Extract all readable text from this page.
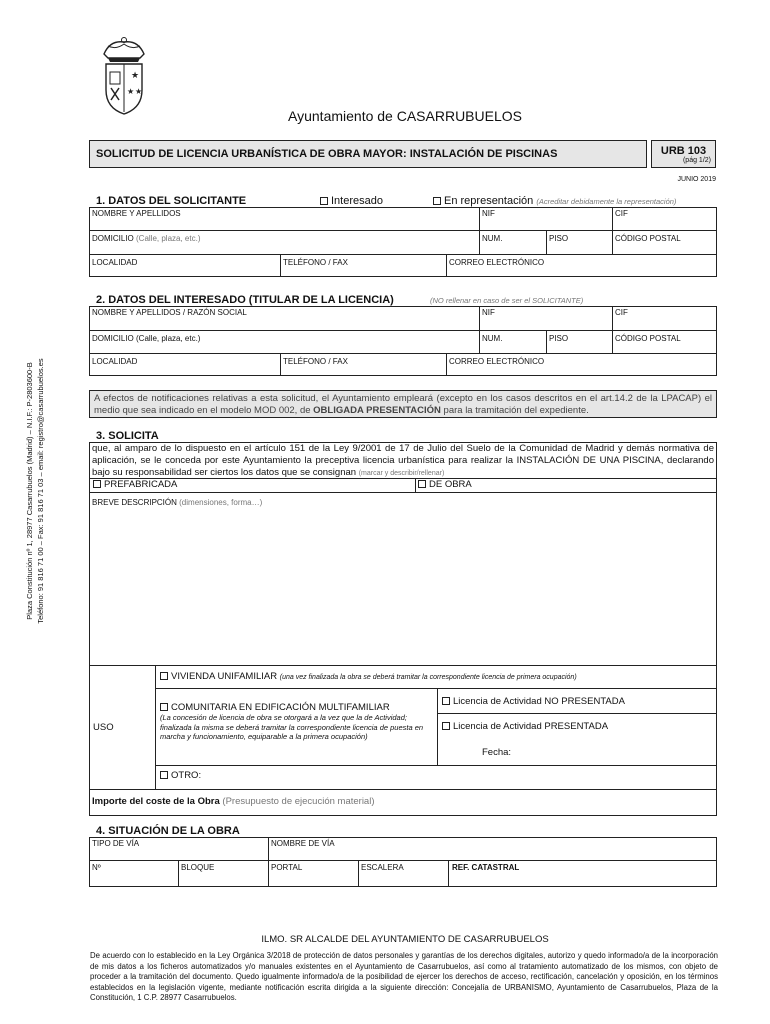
★
★ ★
Plaza Constitución nº 1, 28977 Casarrubuelos (Madrid) – N.I.F.: P-2803600-B Teléfono: 91 816 71 00 – Fax: 91 816 71 03 – email: registro@casarrubuelos.es
Ayuntamiento de CASARRUBUELOS
SOLICITUD DE LICENCIA URBANÍSTICA DE OBRA MAYOR: INSTALACIÓN DE PISCINAS	URB 103
(pág 1/2)
JUNIO 2019
1. DATOS DEL SOLICITANTE	Interesado	En representación (Acreditar debidamente la representación)
NOMBRE Y APELLIDOS	NIF	CIF
DOMICILIO (Calle, plaza, etc.)	NUM.	PISO	CÓDIGO POSTAL
LOCALIDAD	TELÉFONO / FAX	CORREO ELECTRÓNICO
2. DATOS DEL INTERESADO (TITULAR DE LA LICENCIA)	(NO rellenar en caso de ser el SOLICITANTE)
NOMBRE Y APELLIDOS / RAZÓN SOCIAL	NIF	CIF
DOMICILIO (Calle, plaza, etc.)	NUM.	PISO	CÓDIGO POSTAL
LOCALIDAD	TELÉFONO / FAX	CORREO ELECTRÓNICO
A efectos de notificaciones relativas a esta solicitud, el Ayuntamiento empleará (excepto en los casos descritos en el art.14.2 de la LPACAP) el medio que sea indicado en el modelo MOD 002, de OBLIGADA PRESENTACIÓN para la tramitación del expediente.
3. SOLICITA
que, al amparo de lo dispuesto en el artículo 151 de la Ley 9/2001 de 17 de Julio del Suelo de la Comunidad de Madrid y demás normativa de aplicación, se le conceda por este Ayuntamiento la preceptiva licencia urbanística para realizar la INSTALACIÓN DE UNA PISCINA, declarando bajo su responsabilidad ser ciertos los datos que se consignan (marcar y describir/rellenar)
PREFABRICADA	DE OBRA
BREVE DESCRIPCIÓN (dimensiones, forma…)
USO
VIVIENDA UNIFAMILIAR (una vez finalizada la obra se deberá tramitar la correspondiente licencia de primera ocupación)
COMUNITARIA EN EDIFICACIÓN MULTIFAMILIAR
(La concesión de licencia de obra se otorgará a la vez que la de Actividad; finalizada la misma se deberá tramitar la correspondiente licencia de puesta en marcha y funcionamiento, equiparable a la primera ocupación)
Licencia de Actividad NO PRESENTADA
Licencia de Actividad PRESENTADA
Fecha:
OTRO:
Importe del coste de la Obra (Presupuesto de ejecución material)
4. SITUACIÓN DE LA OBRA
TIPO DE VÍA	NOMBRE DE VÍA
Nº	BLOQUE	PORTAL	ESCALERA	REF. CATASTRAL
ILMO. SR ALCALDE DEL AYUNTAMIENTO DE CASARRUBUELOS
De acuerdo con lo establecido en la Ley Orgánica 3/2018 de protección de datos personales y garantías de los derechos digitales, autorizo y quedo informado/a de la incorporación de mis datos a los ficheros automatizados y/o manuales existentes en el Ayuntamiento de Casarrubuelos, así como al tratamiento automatizado de los mismos, con objeto de proceder a la tramitación del documento. Quedo igualmente informado/a de la posibilidad de ejercer los derechos de acceso, rectificación, cancelación y oposición, en los términos establecidos en la legislación vigente, mediante notificación escrita dirigida a la siguiente dirección: Concejalía de URBANISMO, Ayuntamiento de Casarrubuelos, Plaza de la Constitución, 1 C.P. 28977 Casarrubuelos.
